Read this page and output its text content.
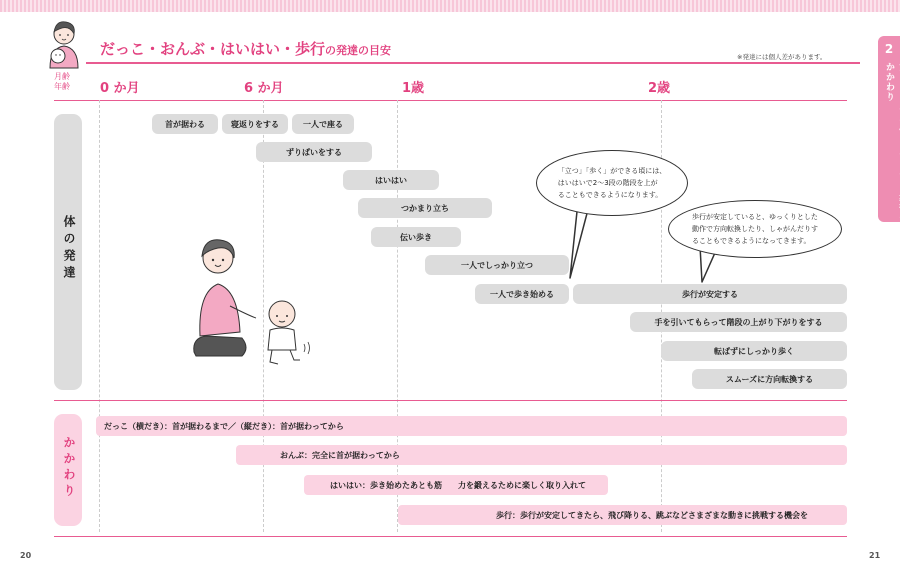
だっこ・おんぶ・はいはい・歩行の発達の目安	※発達には個人差があります。
2
だっこ・おんぶ・はいはい・歩行のかかわり
月齢
年齢 0 か月	6 か月	1歳	2歳
体の発達
首が据わる	寝返りをする	一人で座る
ずりばいをする
はいはい
つかまり立ち
伝い歩き
一人でしっかり立つ
一人で歩き始める	歩行が安定する
手を引いてもらって階段の上がり下がりをする
転ばずにしっかり歩く
スムーズに方向転換する
「立つ」「歩く」ができる頃には、
はいはいで2〜3段の階段を上が
ることもできるようになります。
歩行が安定していると、ゆっくりとした
動作で方向転換したり、しゃがんだりす
ることもできるようになってきます。
かかわり
だっこ（横だき）：首が据わるまで／（縦だき）：首が据わってから
おんぶ：完全に首が据わってから
はいはい：歩き始めたあとも筋　　力を鍛えるために楽しく取り入れて
歩行：歩行が安定してきたら、飛び降りる、跳ぶなどさまざまな動きに挑戦する機会を
20	21
